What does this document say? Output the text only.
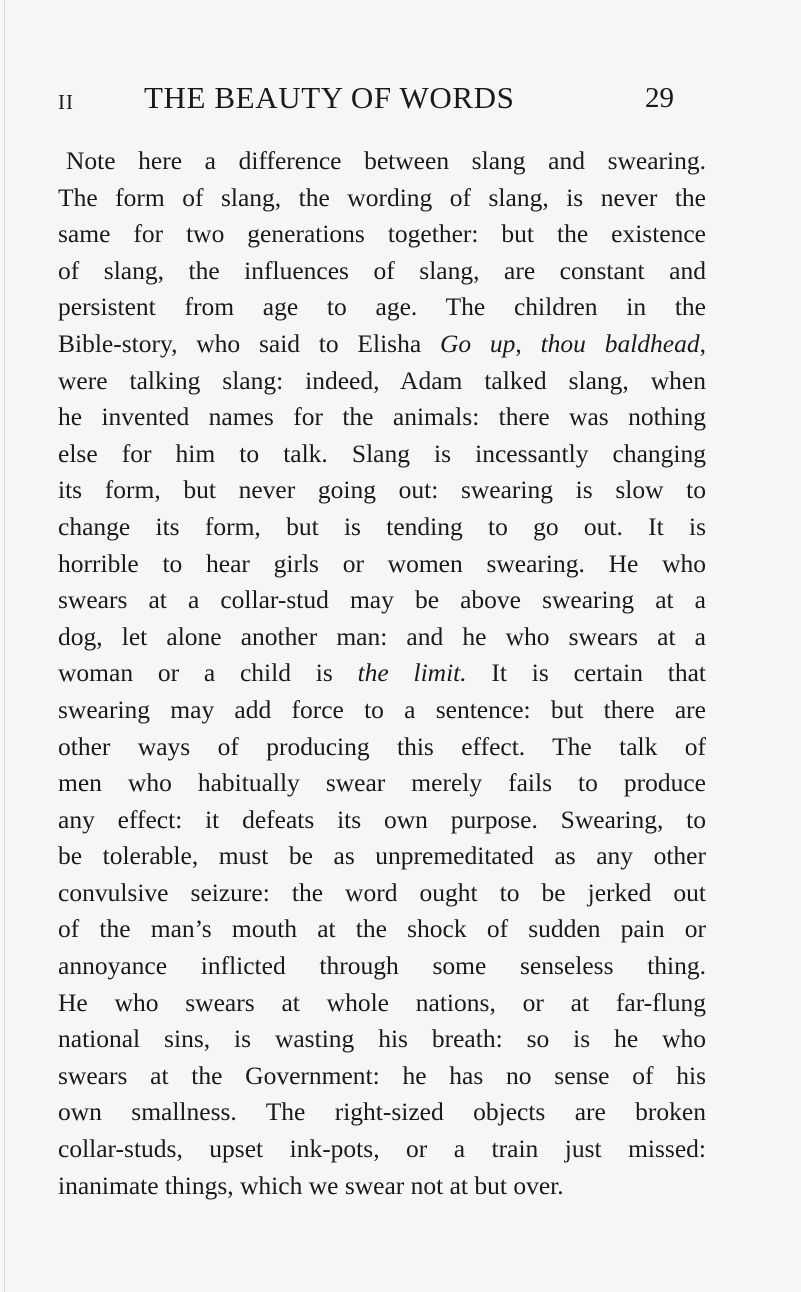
II THE BEAUTY OF WORDS	29
Note here a difference between slang and swearing.
The form of slang, the wording of slang, is never the
same for two generations together: but the existence
of slang, the influences of slang, are constant and
persistent from age to age. The children in the
Bible-story, who said to Elisha Go up, thou baldhead,
were talking slang: indeed, Adam talked slang, when
he invented names for the animals: there was nothing
else for him to talk. Slang is incessantly changing
its form, but never going out: swearing is slow to
change its form, but is tending to go out. It is
horrible to hear girls or women swearing. He who
swears at a collar-stud may be above swearing at a
dog, let alone another man: and he who swears at a
woman or a child is the limit. It is certain that
swearing may add force to a sentence: but there are
other ways of producing this effect. The talk of
men who habitually swear merely fails to produce
any effect: it defeats its own purpose. Swearing, to
be tolerable, must be as unpremeditated as any other
convulsive seizure: the word ought to be jerked out
of the man’s mouth at the shock of sudden pain or
annoyance inflicted through some senseless thing.
He who swears at whole nations, or at far-flung
national sins, is wasting his breath: so is he who
swears at the Government: he has no sense of his
own smallness. The right-sized objects are broken
collar-studs, upset ink-pots, or a train just missed:
inanimate things, which we swear not at but over.
